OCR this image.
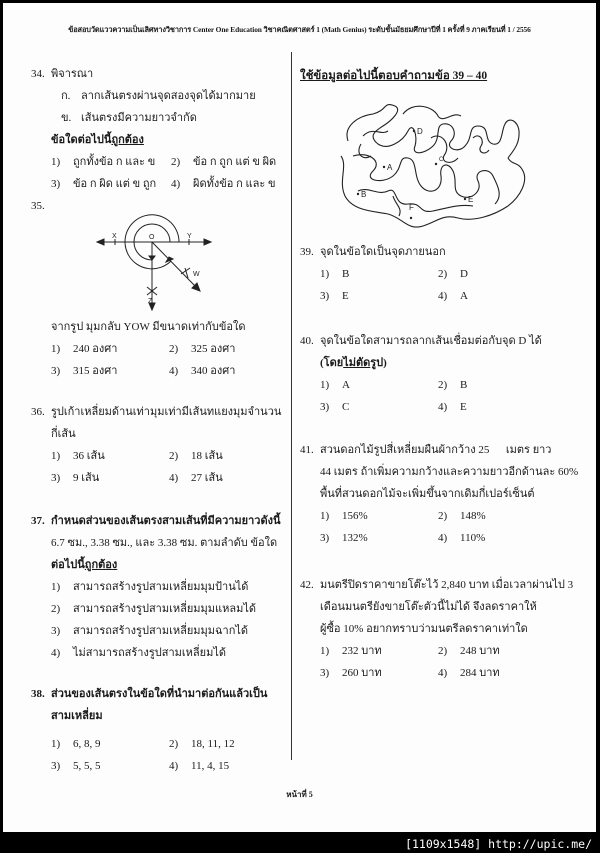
ข้อสอบวัดแววความเป็นเลิศทางวิชาการ Center One Education วิชาคณิตศาสตร์ 1 (Math Genius) ระดับชั้นมัธยมศึกษาปีที่ 1 ครั้งที่ 9 ภาคเรียนที่ 1 / 2556
34. พิจารณา
ก. ลากเส้นตรงผ่านจุดสองจุดได้มากมาย
ข. เส้นตรงมีความยาวจำกัด
ข้อใดต่อไปนี้ถูกต้อง
1) ถูกทั้งข้อ ก และ ข	2) ข้อ ก ถูก แต่ ข ผิด
3) ข้อ ก ผิด แต่ ข ถูก	4) ผิดทั้งข้อ ก และ ข
35.
X	O	Y
W
Z
จากรูป มุมกลับ YOW มีขนาดเท่ากับข้อใด
1) 240 องศา	2) 325 องศา
3) 315 องศา	4) 340 องศา
36. รูปเก้าเหลี่ยมด้านเท่ามุมเท่ามีเส้นทแยงมุมจำนวน
กี่เส้น
1) 36 เส้น	2) 18 เส้น
3) 9 เส้น	4) 27 เส้น
37. กำหนดส่วนของเส้นตรงสามเส้นที่มีความยาวดังนี้
6.7 ซม., 3.38 ซม., และ 3.38 ซม. ตามลำดับ ข้อใด
ต่อไปนี้ถูกต้อง
1) สามารถสร้างรูปสามเหลี่ยมมุมป้านได้
2) สามารถสร้างรูปสามเหลี่ยมมุมแหลมได้
3) สามารถสร้างรูปสามเหลี่ยมมุมฉากได้
4) ไม่สามารถสร้างรูปสามเหลี่ยมได้
38. ส่วนของเส้นตรงในข้อใดที่นำมาต่อกันแล้วเป็น
สามเหลี่ยม
1) 6, 8, 9	2) 18, 11, 12
3) 5, 5, 5	4) 11, 4, 15
ใช้ข้อมูลต่อไปนี้ตอบคำถามข้อ 39 – 40
A
B
C
D
E
F
39. จุดในข้อใดเป็นจุดภายนอก
1) B	2) D
3) E	4) A
40. จุดในข้อใดสามารถลากเส้นเชื่อมต่อกับจุด D ได้
(โดยไม่ตัดรูป)
1) A	2) B
3) C	4) E
41. สวนดอกไม้รูปสี่เหลี่ยมผืนผ้ากว้าง 25      เมตร ยาว
44 เมตร ถ้าเพิ่มความกว้างและความยาวอีกด้านละ 60%
พื้นที่สวนดอกไม้จะเพิ่มขึ้นจากเดิมกี่เปอร์เซ็นต์
1) 156%	2) 148%
3) 132%	4) 110%
42. มนตรีปิดราคาขายโต๊ะไว้ 2,840 บาท เมื่อเวลาผ่านไป 3
เดือนมนตรียังขายโต๊ะตัวนี้ไม่ได้ จึงลดราคาให้
ผู้ซื้อ 10% อยากทราบว่ามนตรีลดราคาเท่าใด
1) 232 บาท	2) 248 บาท
3) 260 บาท	4) 284 บาท
หน้าที่ 5
[1109x1548] http://upic.me/
